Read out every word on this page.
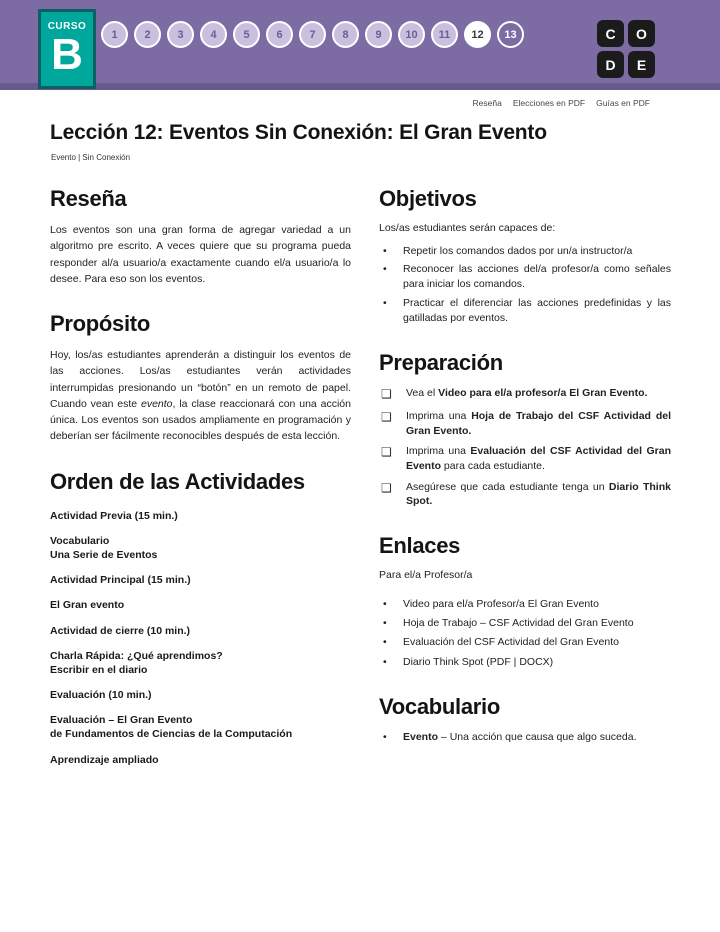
CURSO
B	1	2	3	4	5	6	7	8	9	10	11	12	13	C	O
D	E
Reseña Elecciones en PDF Guías en PDF
Lección 12: Eventos Sin Conexión: El Gran Evento
Evento | Sin Conexión
Reseña

Los eventos son una gran forma de agregar variedad a un algoritmo pre escrito. A veces quiere que su programa pueda responder al/a usuario/a exactamente cuando el/a usuario/a lo desee. Para eso son los eventos.

Propósito

Hoy, los/as estudiantes aprenderán a distinguir los eventos de las acciones. Los/as estudiantes verán actividades interrumpidas presionando un “botón” en un remoto de papel. Cuando vean este evento, la clase reaccionará con una acción única. Los eventos son usados ampliamente en programación y deberían ser fácilmente reconocibles después de esta lección.

Orden de las Actividades
Actividad Previa (15 min.)
Vocabulario
Una Serie de Eventos
Actividad Principal (15 min.)
El Gran evento
Actividad de cierre (10 min.)
Charla Rápida: ¿Qué aprendimos?
Escribir en el diario
Evaluación (10 min.)
Evaluación – El Gran Evento
de Fundamentos de Ciencias de la Computación
Aprendizaje ampliado
Objetivos

Los/as estudiantes serán capaces de:

•	Repetir los comandos dados por un/a instructor/a
•	Reconocer las acciones del/a profesor/a como señales para iniciar los comandos.
•	Practicar el diferenciar las acciones predefinidas y las gatilladas por eventos.
Preparación
❑	Vea el Video para el/a profesor/a El Gran Evento.
❑	Imprima una Hoja de Trabajo del CSF Actividad del Gran Evento.
❑	Imprima una Evaluación del CSF Actividad del Gran Evento para cada estudiante.
❑	Asegúrese que cada estudiante tenga un Diario Think Spot.
Enlaces

Para el/a Profesor/a

•	Video para el/a Profesor/a El Gran Evento
•	Hoja de Trabajo – CSF Actividad del Gran Evento
•	Evaluación del CSF Actividad del Gran Evento
•	Diario Think Spot (PDF | DOCX)
Vocabulario
•	Evento – Una acción que causa que algo suceda.
